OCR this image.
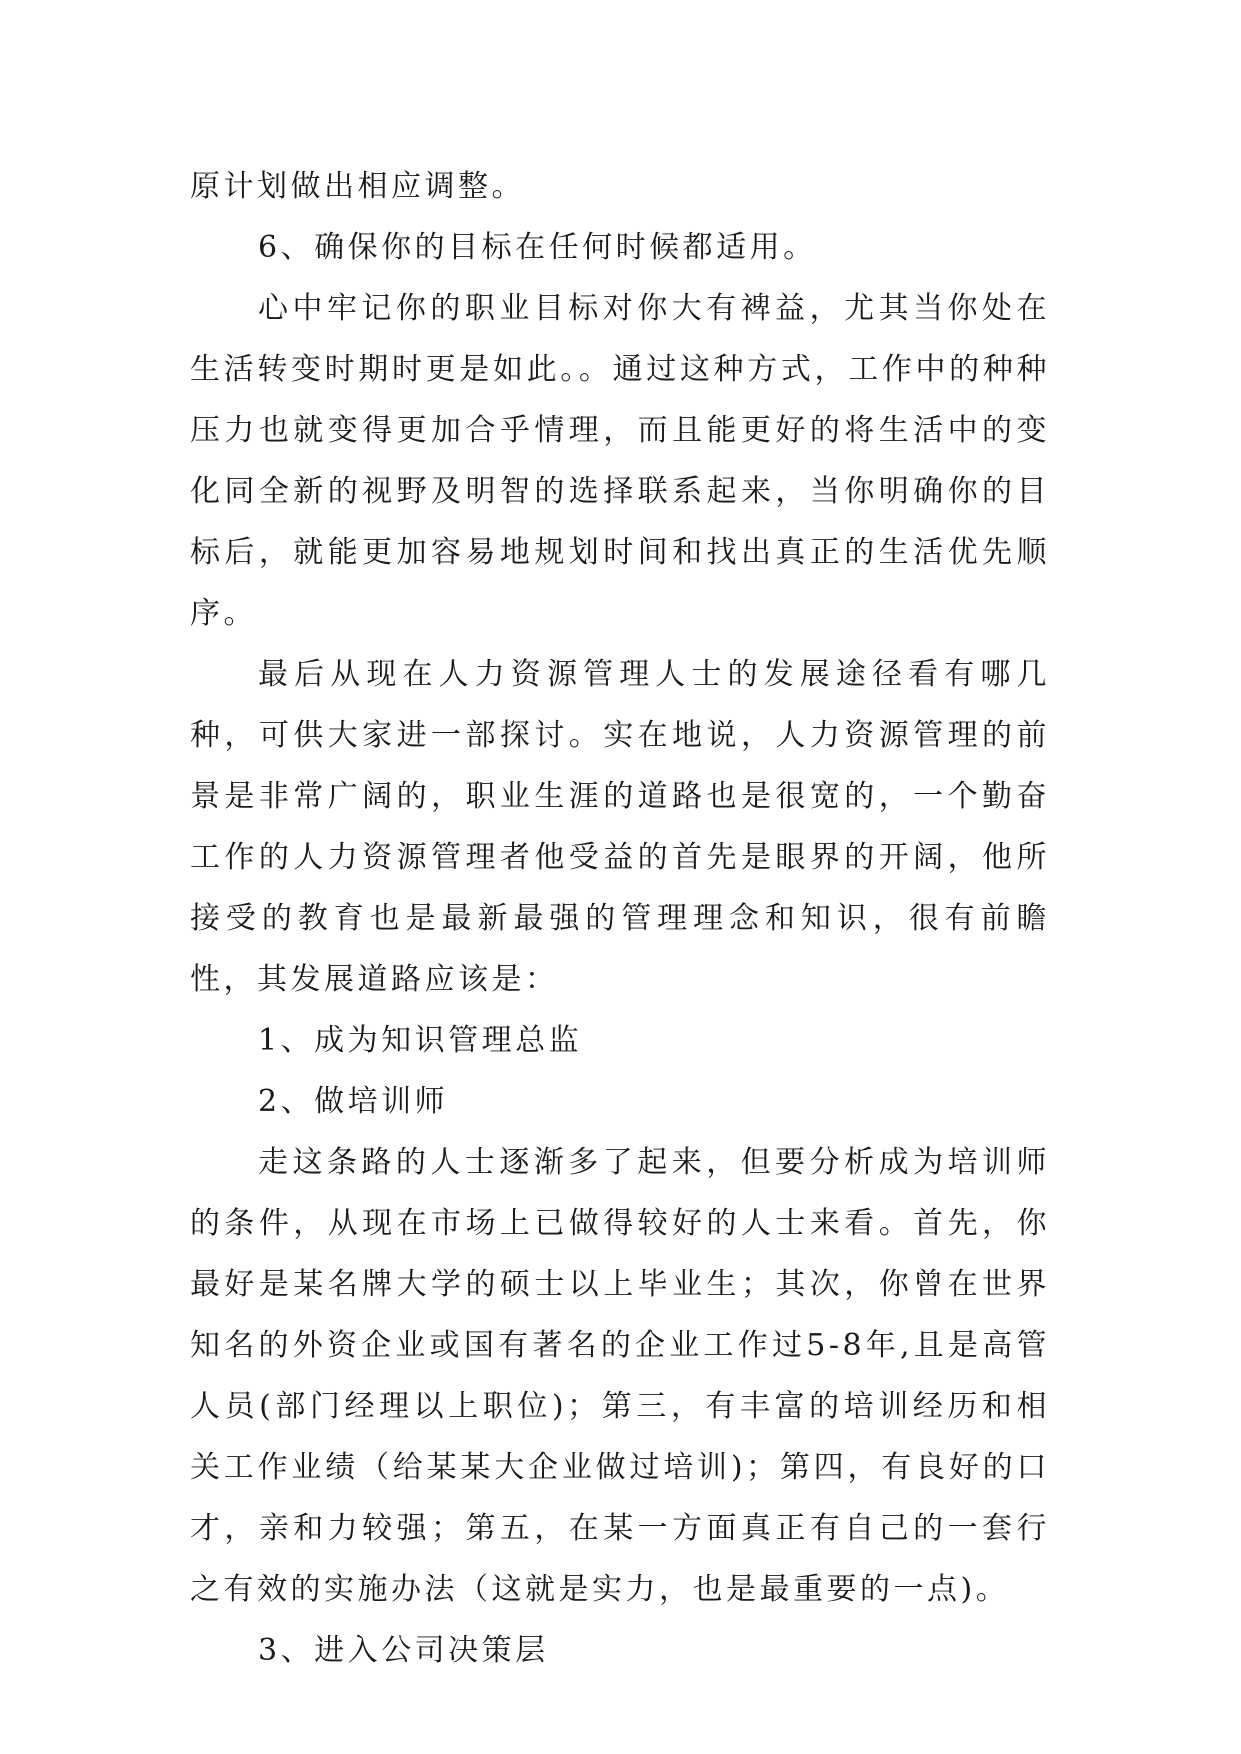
原计划做出相应调整。

6、确保你的目标在任何时候都适用。

心中牢记你的职业目标对你大有裨益，尤其当你处在生活转变时期时更是如此。。通过这种方式，工作中的种种压力也就变得更加合乎情理，而且能更好的将生活中的变化同全新的视野及明智的选择联系起来，当你明确你的目标后，就能更加容易地规划时间和找出真正的生活优先顺序。

最后从现在人力资源管理人士的发展途径看有哪几种，可供大家进一部探讨。实在地说，人力资源管理的前景是非常广阔的，职业生涯的道路也是很宽的，一个勤奋工作的人力资源管理者他受益的首先是眼界的开阔，他所接受的教育也是最新最强的管理理念和知识，很有前瞻性，其发展道路应该是：

1、成为知识管理总监

2、做培训师

走这条路的人士逐渐多了起来，但要分析成为培训师的条件，从现在市场上已做得较好的人士来看。首先，你最好是某名牌大学的硕士以上毕业生；其次，你曾在世界知名的外资企业或国有著名的企业工作过5-8年,且是高管人员(部门经理以上职位)；第三，有丰富的培训经历和相关工作业绩（给某某大企业做过培训)；第四，有良好的口才，亲和力较强；第五，在某一方面真正有自己的一套行之有效的实施办法（这就是实力，也是最重要的一点)。

3、进入公司决策层
